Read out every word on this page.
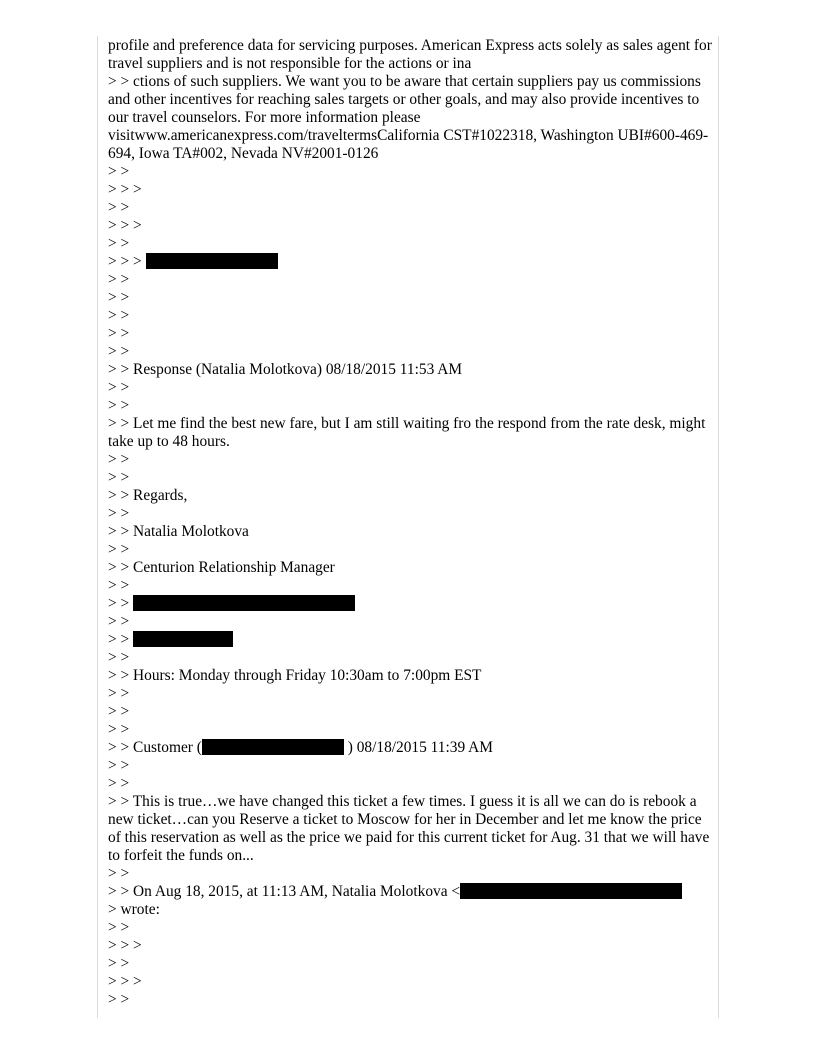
profile and preference data for servicing purposes. American Express acts solely as sales agent for travel suppliers and is not responsible for the actions or ina
> > ctions of such suppliers. We want you to be aware that certain suppliers pay us commissions and other incentives for reaching sales targets or other goals, and may also provide incentives to our travel counselors. For more information please visitwww.americanexpress.com/traveltermsCalifornia CST#1022318, Washington UBI#600-469-694, Iowa TA#002, Nevada NV#2001-0126
> >
> > >
> >
> > >
> >
> > >
> >
> >
> >
> >
> >
> > Response (Natalia Molotkova) 08/18/2015 11:53 AM
> >
> >
> > Let me find the best new fare, but I am still waiting fro the respond from the rate desk, might take up to 48 hours.
> >
> >
> > Regards,
> >
> > Natalia Molotkova
> >
> > Centurion Relationship Manager
> >
> >
> >
> >
> >
> > Hours: Monday through Friday 10:30am to 7:00pm EST
> >
> >
> >
> > Customer (	) 08/18/2015 11:39 AM
> >
> >
> > This is true…we have changed this ticket a few times. I guess it is all we can do is rebook a new ticket…can you Reserve a ticket to Moscow for her in December and let me know the price of this reservation as well as the price we paid for this current ticket for Aug. 31 that we will have to forfeit the funds on...
> >
> > On Aug 18, 2015, at 11:13 AM, Natalia Molotkova <
> wrote:
> >
> > >
> >
> > >
> >
